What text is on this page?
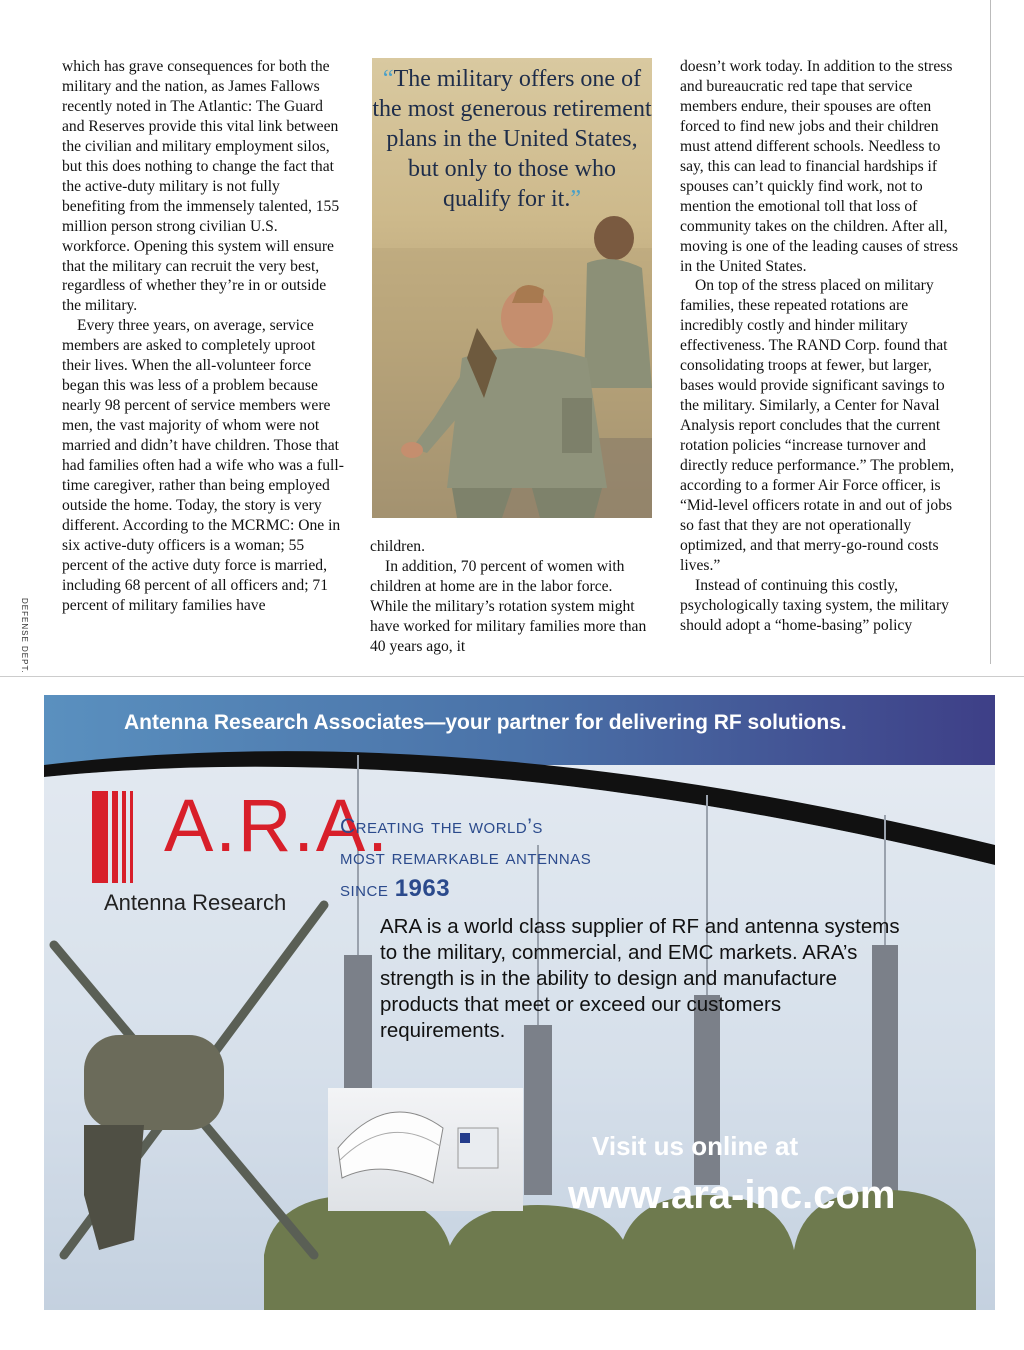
which has grave consequences for both the military and the nation, as James Fallows recently noted in The Atlantic: The Guard and Reserves provide this vital link between the civilian and military employment silos, but this does nothing to change the fact that the active-duty military is not fully benefiting from the immensely talented, 155 million person strong civilian U.S. workforce. Opening this system will ensure that the military can recruit the very best, regardless of whether they’re in or outside the military.

Every three years, on average, service members are asked to completely uproot their lives. When the all-volunteer force began this was less of a problem because nearly 98 percent of service members were men, the vast majority of whom were not married and didn’t have children. Those that had families often had a wife who was a full-time caregiver, rather than being employed outside the home. Today, the story is very different. According to the MCRMC: One in six active-duty officers is a woman; 55 percent of the active duty force is married, including 68 percent of all officers and; 71 percent of military families have

“The military offers one of the most generous retirement plans in the United States, but only to those who qualify for it.”

children.

In addition, 70 percent of women with children at home are in the labor force. While the military’s rotation system might have worked for military families more than 40 years ago, it

doesn’t work today. In addition to the stress and bureaucratic red tape that service members endure, their spouses are often forced to find new jobs and their children must attend different schools. Needless to say, this can lead to financial hardships if spouses can’t quickly find work, not to mention the emotional toll that loss of community takes on the children. After all, moving is one of the leading causes of stress in the United States.

On top of the stress placed on military families, these repeated rotations are incredibly costly and hinder military effectiveness. The RAND Corp. found that consolidating troops at fewer, but larger, bases would provide significant savings to the military. Similarly, a Center for Naval Analysis report concludes that the current rotation policies “increase turnover and directly reduce performance.” The problem, according to a former Air Force officer, is “Mid-level officers rotate in and out of jobs so fast that they are not operationally optimized, and that merry-go-round costs lives.”

Instead of continuing this costly, psychologically taxing system, the military should adopt a “home-basing” policy

DEFENSE DEPT.
Antenna Research Associates—your partner for delivering RF solutions.
A.R.A.
Antenna Research
Creating the world’s
most remarkable antennas
since 1963
ARA is a world class supplier of RF and antenna systems to the military, commercial, and EMC markets. ARA’s strength is in the ability to design and manufacture products that meet or exceed our customers requirements.
Visit us online at
www.ara-inc.com
